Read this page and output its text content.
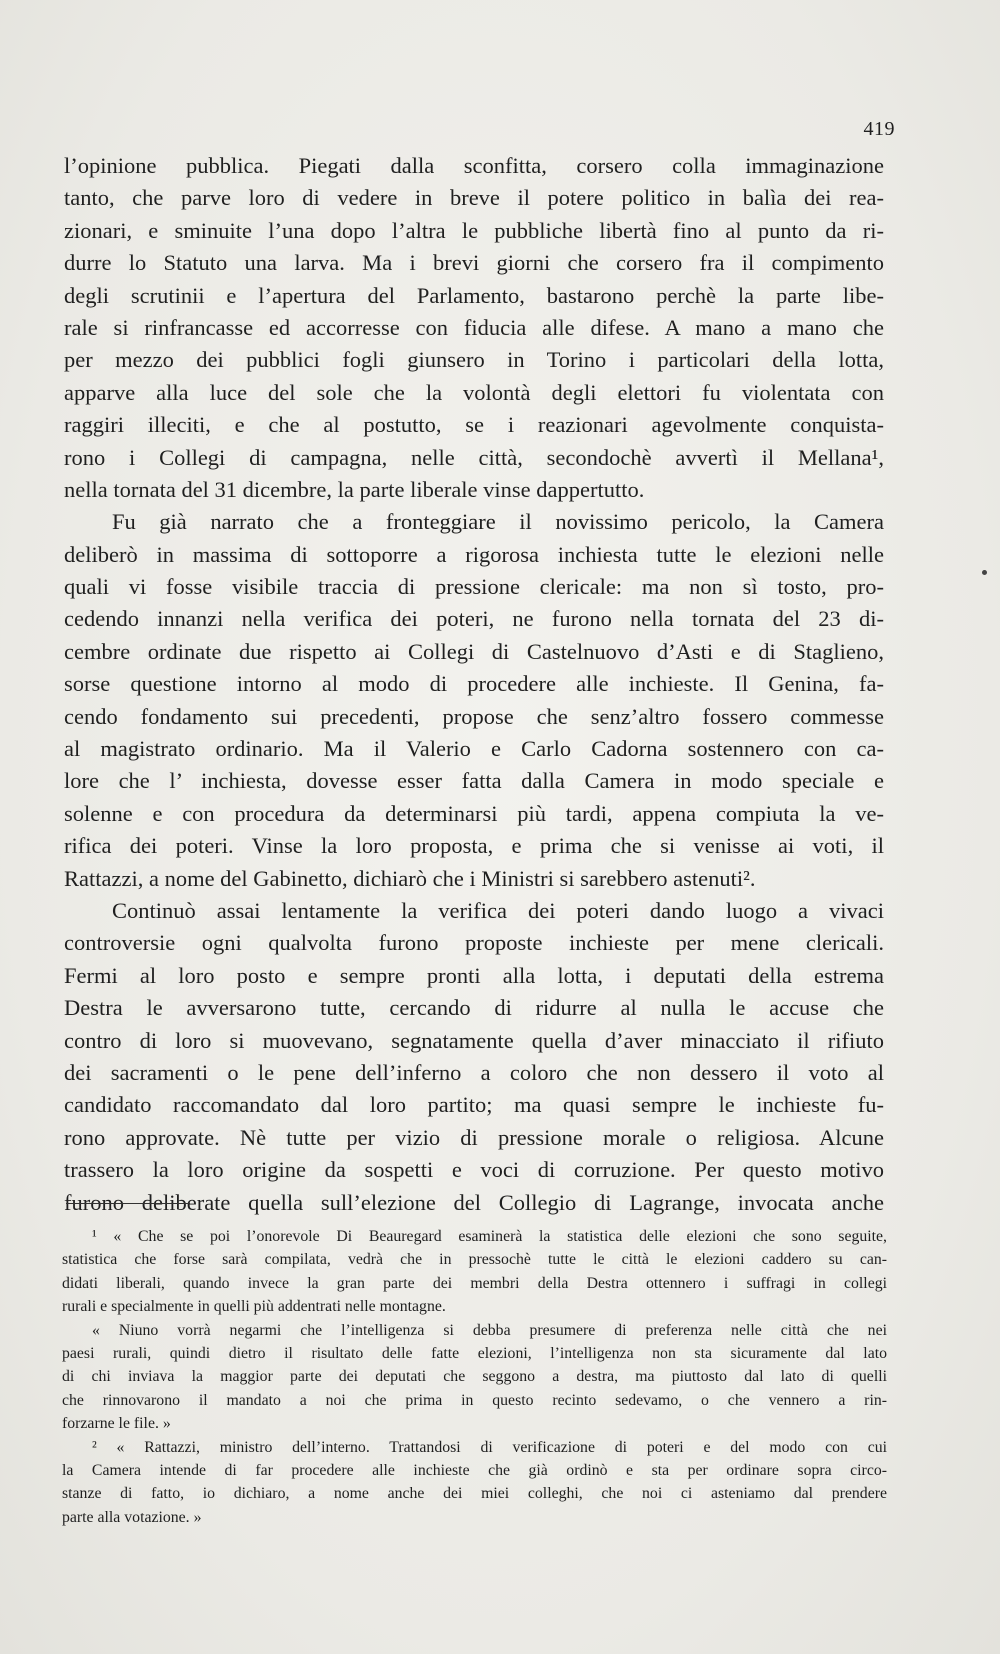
419
l’opinione pubblica. Piegati dalla sconfitta, corsero colla immaginazione
tanto, che parve loro di vedere in breve il potere politico in balìa dei rea-
zionari, e sminuite l’una dopo l’altra le pubbliche libertà fino al punto da ri-
durre lo Statuto una larva. Ma i brevi giorni che corsero fra il compimento
degli scrutinii e l’apertura del Parlamento, bastarono perchè la parte libe-
rale si rinfrancasse ed accorresse con fiducia alle difese. A mano a mano che
per mezzo dei pubblici fogli giunsero in Torino i particolari della lotta,
apparve alla luce del sole che la volontà degli elettori fu violentata con
raggiri illeciti, e che al postutto, se i reazionari agevolmente conquista-
rono i Collegi di campagna, nelle città, secondochè avvertì il Mellana¹,
nella tornata del 31 dicembre, la parte liberale vinse dappertutto.
Fu già narrato che a fronteggiare il novissimo pericolo, la Camera
deliberò in massima di sottoporre a rigorosa inchiesta tutte le elezioni nelle
quali vi fosse visibile traccia di pressione clericale: ma non sì tosto, pro-
cedendo innanzi nella verifica dei poteri, ne furono nella tornata del 23 di-
cembre ordinate due rispetto ai Collegi di Castelnuovo d’Asti e di Staglieno,
sorse questione intorno al modo di procedere alle inchieste. Il Genina, fa-
cendo fondamento sui precedenti, propose che senz’altro fossero commesse
al magistrato ordinario. Ma il Valerio e Carlo Cadorna sostennero con ca-
lore che l’ inchiesta, dovesse esser fatta dalla Camera in modo speciale e
solenne e con procedura da determinarsi più tardi, appena compiuta la ve-
rifica dei poteri. Vinse la loro proposta, e prima che si venisse ai voti, il
Rattazzi, a nome del Gabinetto, dichiarò che i Ministri si sarebbero astenuti².
Continuò assai lentamente la verifica dei poteri dando luogo a vivaci
controversie ogni qualvolta furono proposte inchieste per mene clericali.
Fermi al loro posto e sempre pronti alla lotta, i deputati della estrema
Destra le avversarono tutte, cercando di ridurre al nulla le accuse che
contro di loro si muovevano, segnatamente quella d’aver minacciato il rifiuto
dei sacramenti o le pene dell’inferno a coloro che non dessero il voto al
candidato raccomandato dal loro partito; ma quasi sempre le inchieste fu-
rono approvate. Nè tutte per vizio di pressione morale o religiosa. Alcune
trassero la loro origine da sospetti e voci di corruzione. Per questo motivo
furono deliberate quella sull’elezione del Collegio di Lagrange, invocata anche
¹ « Che se poi l’onorevole Di Beauregard esaminerà la statistica delle elezioni che sono seguite,
statistica che forse sarà compilata, vedrà che in pressochè tutte le città le elezioni caddero su can-
didati liberali, quando invece la gran parte dei membri della Destra ottennero i suffragi in collegi
rurali e specialmente in quelli più addentrati nelle montagne.
« Niuno vorrà negarmi che l’intelligenza si debba presumere di preferenza nelle città che nei
paesi rurali, quindi dietro il risultato delle fatte elezioni, l’intelligenza non sta sicuramente dal lato
di chi inviava la maggior parte dei deputati che seggono a destra, ma piuttosto dal lato di quelli
che rinnovarono il mandato a noi che prima in questo recinto sedevamo, o che vennero a rin-
forzarne le file. »
² « Rattazzi, ministro dell’interno. Trattandosi di verificazione di poteri e del modo con cui
la Camera intende di far procedere alle inchieste che già ordinò e sta per ordinare sopra circo-
stanze di fatto, io dichiaro, a nome anche dei miei colleghi, che noi ci asteniamo dal prendere
parte alla votazione. »
